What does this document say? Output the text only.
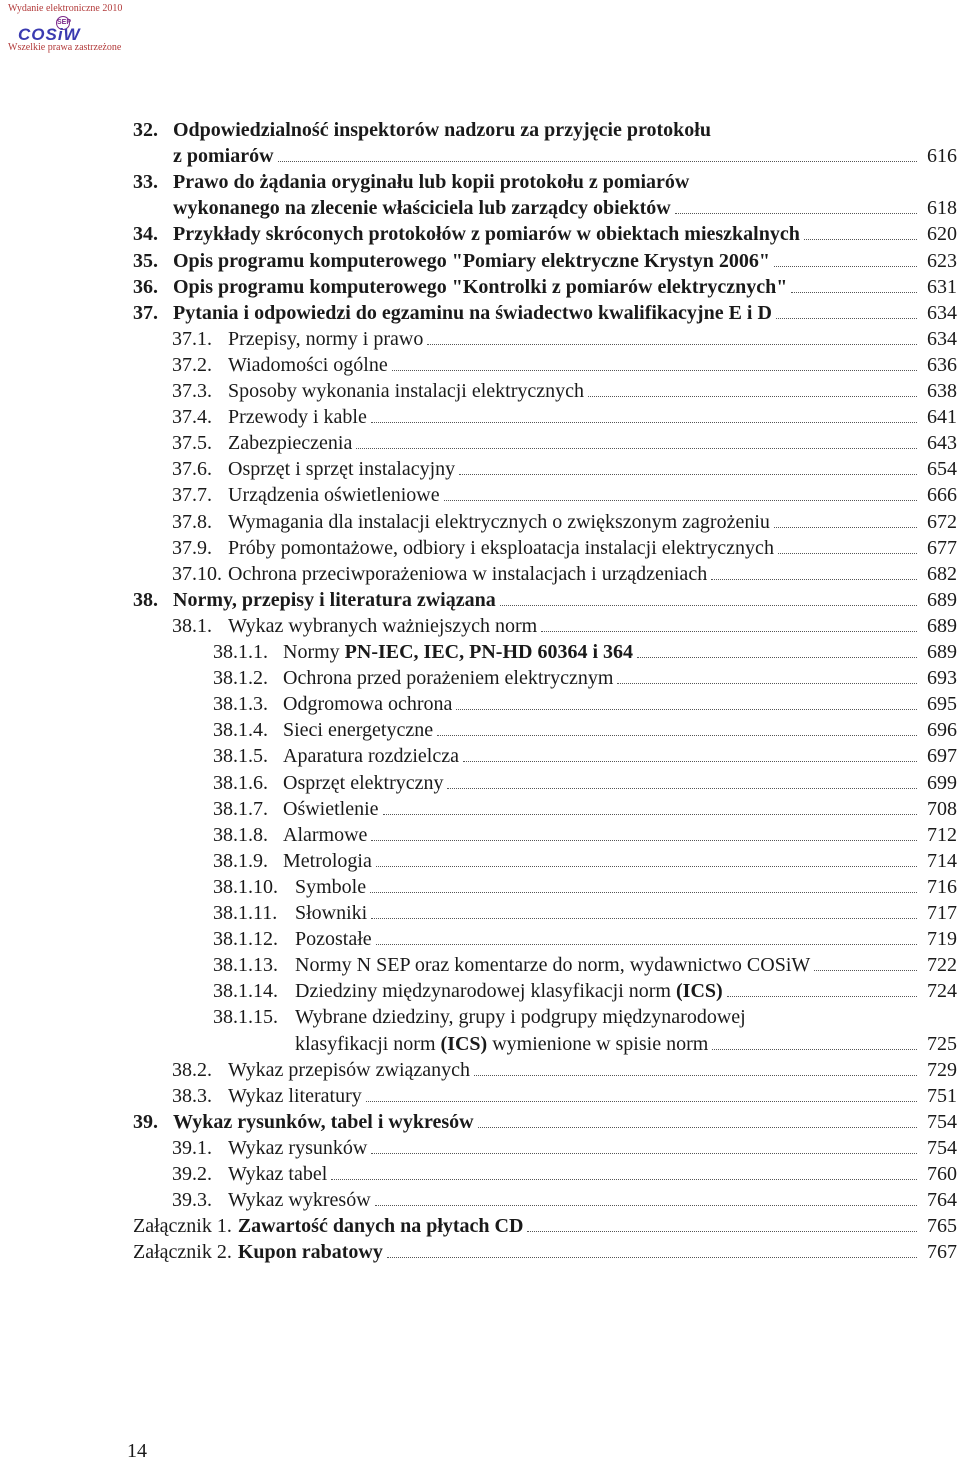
Wydanie elektroniczne 2010
SEP
COSiW
Wszelkie prawa zastrzeżone
32. Odpowiedzialność inspektorów nadzoru za przyjęcie protokołu
z pomiarów	616
33. Prawo do żądania oryginału lub kopii protokołu z pomiarów
wykonanego na zlecenie właściciela lub zarządcy obiektów	618
34. Przykłady skróconych protokołów z pomiarów w obiektach mieszkalnych	620
35. Opis programu komputerowego "Pomiary elektryczne Krystyn 2006"	623
36. Opis programu komputerowego "Kontrolki z pomiarów elektrycznych"	631
37. Pytania i odpowiedzi do egzaminu na świadectwo kwalifikacyjne E i D	634
37.1. Przepisy, normy i prawo	634
37.2. Wiadomości ogólne	636
37.3. Sposoby wykonania instalacji elektrycznych	638
37.4. Przewody i kable	641
37.5. Zabezpieczenia	643
37.6. Osprzęt i sprzęt instalacyjny	654
37.7. Urządzenia oświetleniowe	666
37.8. Wymagania dla instalacji elektrycznych o zwiększonym zagrożeniu	672
37.9. Próby pomontażowe, odbiory i eksploatacja instalacji elektrycznych	677
37.10. Ochrona przeciwporażeniowa w instalacjach i urządzeniach	682
38. Normy, przepisy i literatura związana	689
38.1. Wykaz wybranych ważniejszych norm	689
38.1.1. Normy PN-IEC, IEC, PN-HD 60364 i 364	689
38.1.2. Ochrona przed porażeniem elektrycznym	693
38.1.3. Odgromowa ochrona	695
38.1.4. Sieci energetyczne	696
38.1.5. Aparatura rozdzielcza	697
38.1.6. Osprzęt elektryczny	699
38.1.7. Oświetlenie	708
38.1.8. Alarmowe	712
38.1.9. Metrologia	714
38.1.10. Symbole	716
38.1.11. Słowniki	717
38.1.12. Pozostałe	719
38.1.13. Normy N SEP oraz komentarze do norm, wydawnictwo COSiW	722
38.1.14. Dziedziny międzynarodowej klasyfikacji norm (ICS)	724
38.1.15. Wybrane dziedziny, grupy i podgrupy międzynarodowej
klasyfikacji norm (ICS) wymienione w spisie norm	725
38.2. Wykaz przepisów związanych	729
38.3. Wykaz literatury	751
39. Wykaz rysunków, tabel i wykresów	754
39.1. Wykaz rysunków	754
39.2. Wykaz tabel	760
39.3. Wykaz wykresów	764
Załącznik 1. Zawartość danych na płytach CD	765
Załącznik 2. Kupon rabatowy	767
14
